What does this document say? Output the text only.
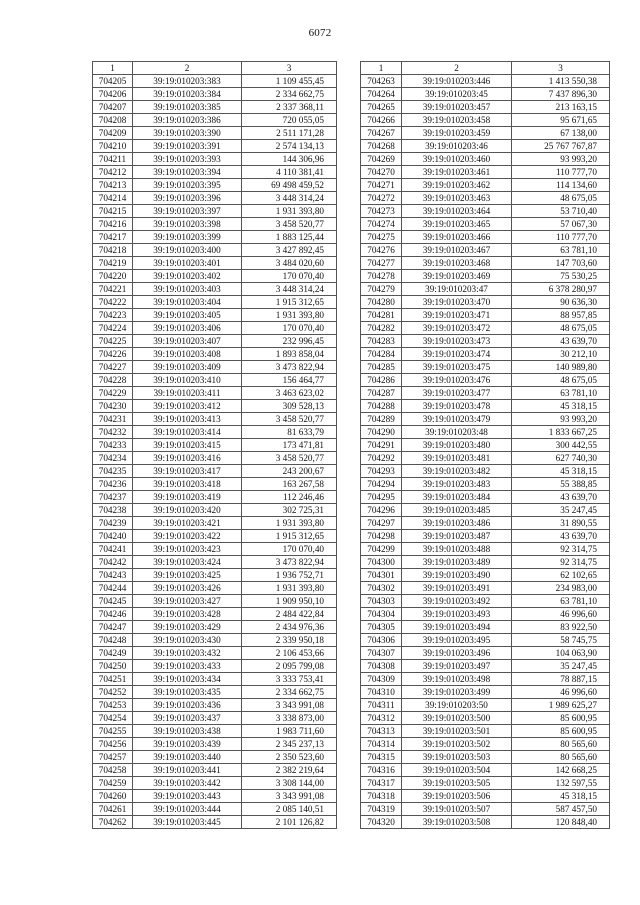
6072
1	2	3
704205	39:19:010203:383	1 109 455,45
704206	39:19:010203:384	2 334 662,75
704207	39:19:010203:385	2 337 368,11
704208	39:19:010203:386	720 055,05
704209	39:19:010203:390	2 511 171,28
704210	39:19:010203:391	2 574 134,13
704211	39:19:010203:393	144 306,96
704212	39:19:010203:394	4 110 381,41
704213	39:19:010203:395	69 498 459,52
704214	39:19:010203:396	3 448 314,24
704215	39:19:010203:397	1 931 393,80
704216	39:19:010203:398	3 458 520,77
704217	39:19:010203:399	1 883 125,44
704218	39:19:010203:400	3 427 892,45
704219	39:19:010203:401	3 484 020,60
704220	39:19:010203:402	170 070,40
704221	39:19:010203:403	3 448 314,24
704222	39:19:010203:404	1 915 312,65
704223	39:19:010203:405	1 931 393,80
704224	39:19:010203:406	170 070,40
704225	39:19:010203:407	232 996,45
704226	39:19:010203:408	1 893 858,04
704227	39:19:010203:409	3 473 822,94
704228	39:19:010203:410	156 464,77
704229	39:19:010203:411	3 463 623,02
704230	39:19:010203:412	309 528,13
704231	39:19:010203:413	3 458 520,77
704232	39:19:010203:414	81 633,79
704233	39:19:010203:415	173 471,81
704234	39:19:010203:416	3 458 520,77
704235	39:19:010203:417	243 200,67
704236	39:19:010203:418	163 267,58
704237	39:19:010203:419	112 246,46
704238	39:19:010203:420	302 725,31
704239	39:19:010203:421	1 931 393,80
704240	39:19:010203:422	1 915 312,65
704241	39:19:010203:423	170 070,40
704242	39:19:010203:424	3 473 822,94
704243	39:19:010203:425	1 936 752,71
704244	39:19:010203:426	1 931 393,80
704245	39:19:010203:427	1 909 950,10
704246	39:19:010203:428	2 484 422,84
704247	39:19:010203:429	2 434 976,36
704248	39:19:010203:430	2 339 950,18
704249	39:19:010203:432	2 106 453,66
704250	39:19:010203:433	2 095 799,08
704251	39:19:010203:434	3 333 753,41
704252	39:19:010203:435	2 334 662,75
704253	39:19:010203:436	3 343 991,08
704254	39:19:010203:437	3 338 873,00
704255	39:19:010203:438	1 983 711,60
704256	39:19:010203:439	2 345 237,13
704257	39:19:010203:440	2 350 523,60
704258	39:19:010203:441	2 382 219,64
704259	39:19:010203:442	3 308 144,00
704260	39:19:010203:443	3 343 991,08
704261	39:19:010203:444	2 085 140,51
704262	39:19:010203:445	2 101 126,82
1	2	3
704263	39:19:010203:446	1 413 550,38
704264	39:19:010203:45	7 437 896,30
704265	39:19:010203:457	213 163,15
704266	39:19:010203:458	95 671,65
704267	39:19:010203:459	67 138,00
704268	39:19:010203:46	25 767 767,87
704269	39:19:010203:460	93 993,20
704270	39:19:010203:461	110 777,70
704271	39:19:010203:462	114 134,60
704272	39:19:010203:463	48 675,05
704273	39:19:010203:464	53 710,40
704274	39:19:010203:465	57 067,30
704275	39:19:010203:466	110 777,70
704276	39:19:010203:467	63 781,10
704277	39:19:010203:468	147 703,60
704278	39:19:010203:469	75 530,25
704279	39:19:010203:47	6 378 280,97
704280	39:19:010203:470	90 636,30
704281	39:19:010203:471	88 957,85
704282	39:19:010203:472	48 675,05
704283	39:19:010203:473	43 639,70
704284	39:19:010203:474	30 212,10
704285	39:19:010203:475	140 989,80
704286	39:19:010203:476	48 675,05
704287	39:19:010203:477	63 781,10
704288	39:19:010203:478	45 318,15
704289	39:19:010203:479	93 993,20
704290	39:19:010203:48	1 833 667,25
704291	39:19:010203:480	300 442,55
704292	39:19:010203:481	627 740,30
704293	39:19:010203:482	45 318,15
704294	39:19:010203:483	55 388,85
704295	39:19:010203:484	43 639,70
704296	39:19:010203:485	35 247,45
704297	39:19:010203:486	31 890,55
704298	39:19:010203:487	43 639,70
704299	39:19:010203:488	92 314,75
704300	39:19:010203:489	92 314,75
704301	39:19:010203:490	62 102,65
704302	39:19:010203:491	234 983,00
704303	39:19:010203:492	63 781,10
704304	39:19:010203:493	46 996,60
704305	39:19:010203:494	83 922,50
704306	39:19:010203:495	58 745,75
704307	39:19:010203:496	104 063,90
704308	39:19:010203:497	35 247,45
704309	39:19:010203:498	78 887,15
704310	39:19:010203:499	46 996,60
704311	39:19:010203:50	1 989 625,27
704312	39:19:010203:500	85 600,95
704313	39:19:010203:501	85 600,95
704314	39:19:010203:502	80 565,60
704315	39:19:010203:503	80 565,60
704316	39:19:010203:504	142 668,25
704317	39:19:010203:505	132 597,55
704318	39:19:010203:506	45 318,15
704319	39:19:010203:507	587 457,50
704320	39:19:010203:508	120 848,40
